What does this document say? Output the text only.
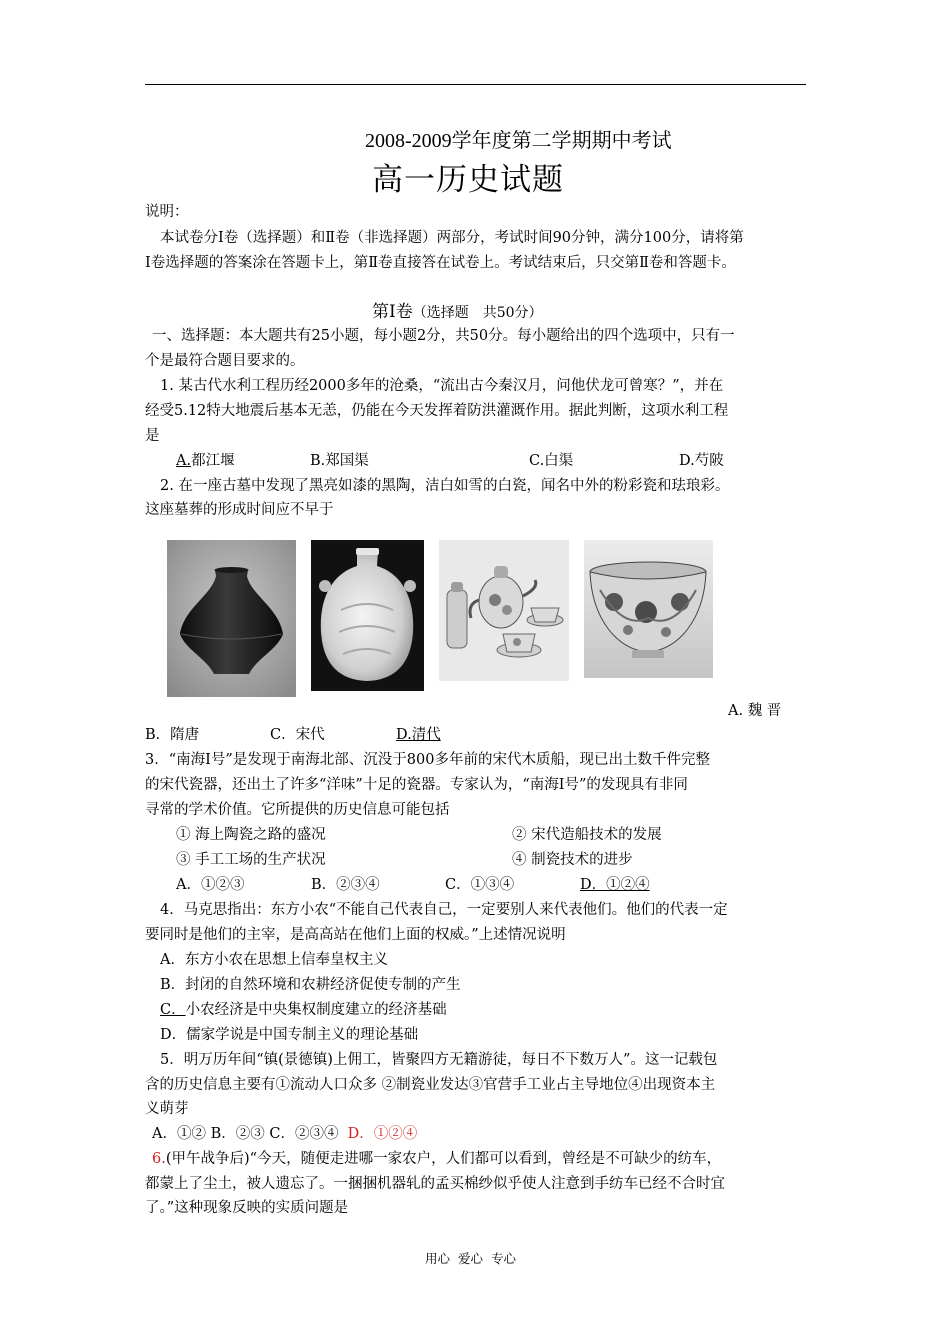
2008-2009学年度第二学期期中考试
高一历史试题
说明：
本试卷分Ⅰ卷（选择题）和Ⅱ卷（非选择题）两部分，考试时间90分钟，满分100分，请将第
Ⅰ卷选择题的答案涂在答题卡上，第Ⅱ卷直接答在试卷上。考试结束后，只交第Ⅱ卷和答题卡。
第Ⅰ卷（选择题　共50分）
一、选择题：本大题共有25小题，每小题2分，共50分。每小题给出的四个选项中，只有一
个是最符合题目要求的。
1. 某古代水利工程历经2000多年的沧桑，“流出古今秦汉月，问他伏龙可曾寒？”，并在
经受5.12特大地震后基本无恙，仍能在今天发挥着防洪灌溉作用。据此判断，这项水利工程
是
A.都江堰	B.郑国渠	C.白渠	D.芍陂
2. 在一座古墓中发现了黑亮如漆的黑陶，洁白如雪的白瓷，闻名中外的粉彩瓷和珐琅彩。
这座墓葬的形成时间应不早于
A. 魏 晋
B．隋唐	C．宋代	D.清代
3．“南海Ⅰ号”是发现于南海北部、沉没于800多年前的宋代木质船，现已出土数千件完整
的宋代瓷器，还出土了许多“洋味”十足的瓷器。专家认为，“南海Ⅰ号”的发现具有非同
寻常的学术价值。它所提供的历史信息可能包括
① 海上陶瓷之路的盛况	② 宋代造船技术的发展
③ 手工工场的生产状况	④ 制瓷技术的进步
A．①②③	B．②③④	C．①③④	D．①②④
4．马克思指出：东方小农“不能自己代表自己，一定要别人来代表他们。他们的代表一定
要同时是他们的主宰，是高高站在他们上面的权威。”上述情况说明
A．东方小农在思想上信奉皇权主义
B．封闭的自然环境和农耕经济促使专制的产生
C．小农经济是中央集权制度建立的经济基础
D．儒家学说是中国专制主义的理论基础
5．明万历年间“镇(景德镇)上佣工，皆聚四方无籍游徒，每日不下数万人”。这一记载包
含的历史信息主要有①流动人口众多 ②制瓷业发达③官营手工业占主导地位④出现资本主
义萌芽
A．①② B．②③ C．②③④ D．①②④
6.(甲午战争后)“今天，随便走进哪一家农户，人们都可以看到，曾经是不可缺少的纺车，
都蒙上了尘土，被人遗忘了。一捆捆机器轧的孟买棉纱似乎使人注意到手纺车已经不合时宜
了。”这种现象反映的实质问题是
用心 爱心 专心
